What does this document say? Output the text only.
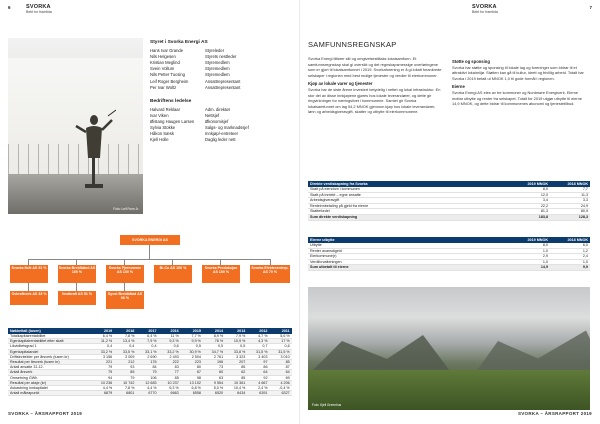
6	SVORKA
Bebt for framtida
Foto: Leif Fonn Jr.
Styret i Svorka Energi AS
Hans Ivar Grande	Styreleder
Nils Helgesen	Styrets nestleder
Kristian Meglind	Styremedlem
Svein Vollum	Styremedlem
Nils Petter Tucsing	Styremedlem
Leif Roger Bergheim	Ansattrepresentant
Per Ivar Woltz	Ansattrepresentant
Bedriftens ledelse
Halvard Reklaar	Adm. direktør
Ivar Viken	Nettsjef
Øistang Haugen Larsen	Økonomisjef
Sylvia Stokke	Salgs- og marknadssjef
Håkon Sæsk	Innkjøp/-entreteer
Kjell Holle	Daglig leder nett
SVORKA ENERGI AS
Svorka Nett AS 51 %	Svorka Breidbånd AS 100 %
Svorka Fjernvarme AS 100 %
Bi-Co AS 100 %	Svorka Produksjon AS 100 %
Svorka Elektroentrep. AS 70 %
Ovkraftverk AS 33 %	Vestkraft AS 51 %	Syvst Breidbånd AS 66 %
Nøkkeltall (tusen)	2019	2018	2017	2016	2015	2014	2013	2012	2011
Totalkapitalrentabilitet	6,4 %	7,8 %	6,4 %	11 %	7,7 %	8,9 %	7,9 %	4,7 %	5,6 %
Egenkapitalrentabilitet etter skatt	11,2 %	13,4 %	7,9 %	9,3 %	9,9 %	78 %	10,9 %	4,3 %	17 %
Likviditetsgrad 1	0,4	0,4	0,4	0,6	0,5	0,5	0,5	0,7	0,6
Egenkapitalandel	33,2 %	33,5 %	33,1 %	33,2 %	30,9 %	34,7 %	33,8 %	31,5 %	31,5 %
Driftsinntekter per årsverk (tusen kr)	3 156	3 009	2 690	2 493	2 504	2 761	3 323	3 403	3 010
Resultat per årsverk (tusen kr)	221	212	176	222	223	196	207	97	85
Antall ansatte 31.12.	79	93	84	83	80	73	85	86	87
Antall årsverk	79	85	79	77	67	60	62	64	64
Omsetning GWh	94	79	106	85	98	63	85	92	69
Resultat per aksje (kr)	10 236	10 742	12 683	10 237	13 102	9 554	10 361	4 667	4 206
Avkastning innkapitalet	4,4 %	7,8 %	4,4 %	6,3 %	6,8 %	5,0 %	10,4 %	2,4 %	-0,4 %
Antall måleapunkt	6879	6801	6770	6663	6558	6520	6434	6391	6327
SVORKA – ÅRSRAPPORT 2019
SVORKA
Bebt for framtida
7
SAMFUNNSREGNSKAP

Svorka Energi tilfører sitt og omgivelsestiltaks lokalsamfunn. Et samfunnsregnskap skal gi oversikt og det regnskapsmessige overføringene som er gjort til lokalsamfunnet i 2019. Svorkaforening er å gi lokalt forankrede selskaper i regionen med best mulige tjenester og verdier til eierkommuner.

Kjøp av lokale varer og tjenester

Svorka har de siste årene investert betydelig i nettet og lokal infrastruktur. En stor del av disse innkjøpene gjøres hos lokale leverandører, og dette gir ringvirkninger for næringslivet i kommunene. Samlet gir Svorka lokalsamfunnet om lag 54,2 MNOK gjennom kjøp hos lokale leverandører, lønn og arbeidsgiveravgift, skatter og utbytte til eierkommunene.

Støtte og sponsing

Svorka har støtte og sponsing til lokale lag og foreninger som bidrar til et attraktivt lokalmiljø. Støtten kan gå til kultur, idrett og frivillig arbeid. Totalt har Svorka i 2019 betalt ut MNOK 1,0 til gode formål i regionen.

Eierne

Svorka Energi AS eies av tre kommuner og Nordmøre Energiverk. Eierne mottar utbytte og renter fra selskapet. Totalt for 2019 utgjør utbytte til eierne 14,9 MNOK, og dette bidrar til kommunenes økonomi og tjenestetilbud.

Direkte verdiskapning fra Svorka	2019 MNOK	2018 MNOK
Skatt på eiendom i kommunen	8,0	7,7
Skatt på inntekt – egne ansatte	12,0	11,3
Arbeidsgiveravgift	3,4	3,3
Renteinnbetaling på gjeld fra eierne	22,2	24,9
Skattefordel	81,3	80,9
Sum direkte verdiskapning	183,8	128,3
Eierne utbytte	2019 MNOK	2018 MNOK
Utbytte	8,0	6,0
Renter avansdigeld	1,0	1,2
Eierkommune(r)	2,9	2,4
Verdiforvalteningen	1,0	1,0
Sum utbetalt til eierne	14,9	9,9
Foto: Kjell Greenhus
SVORKA – ÅRSRAPPORT 2019
